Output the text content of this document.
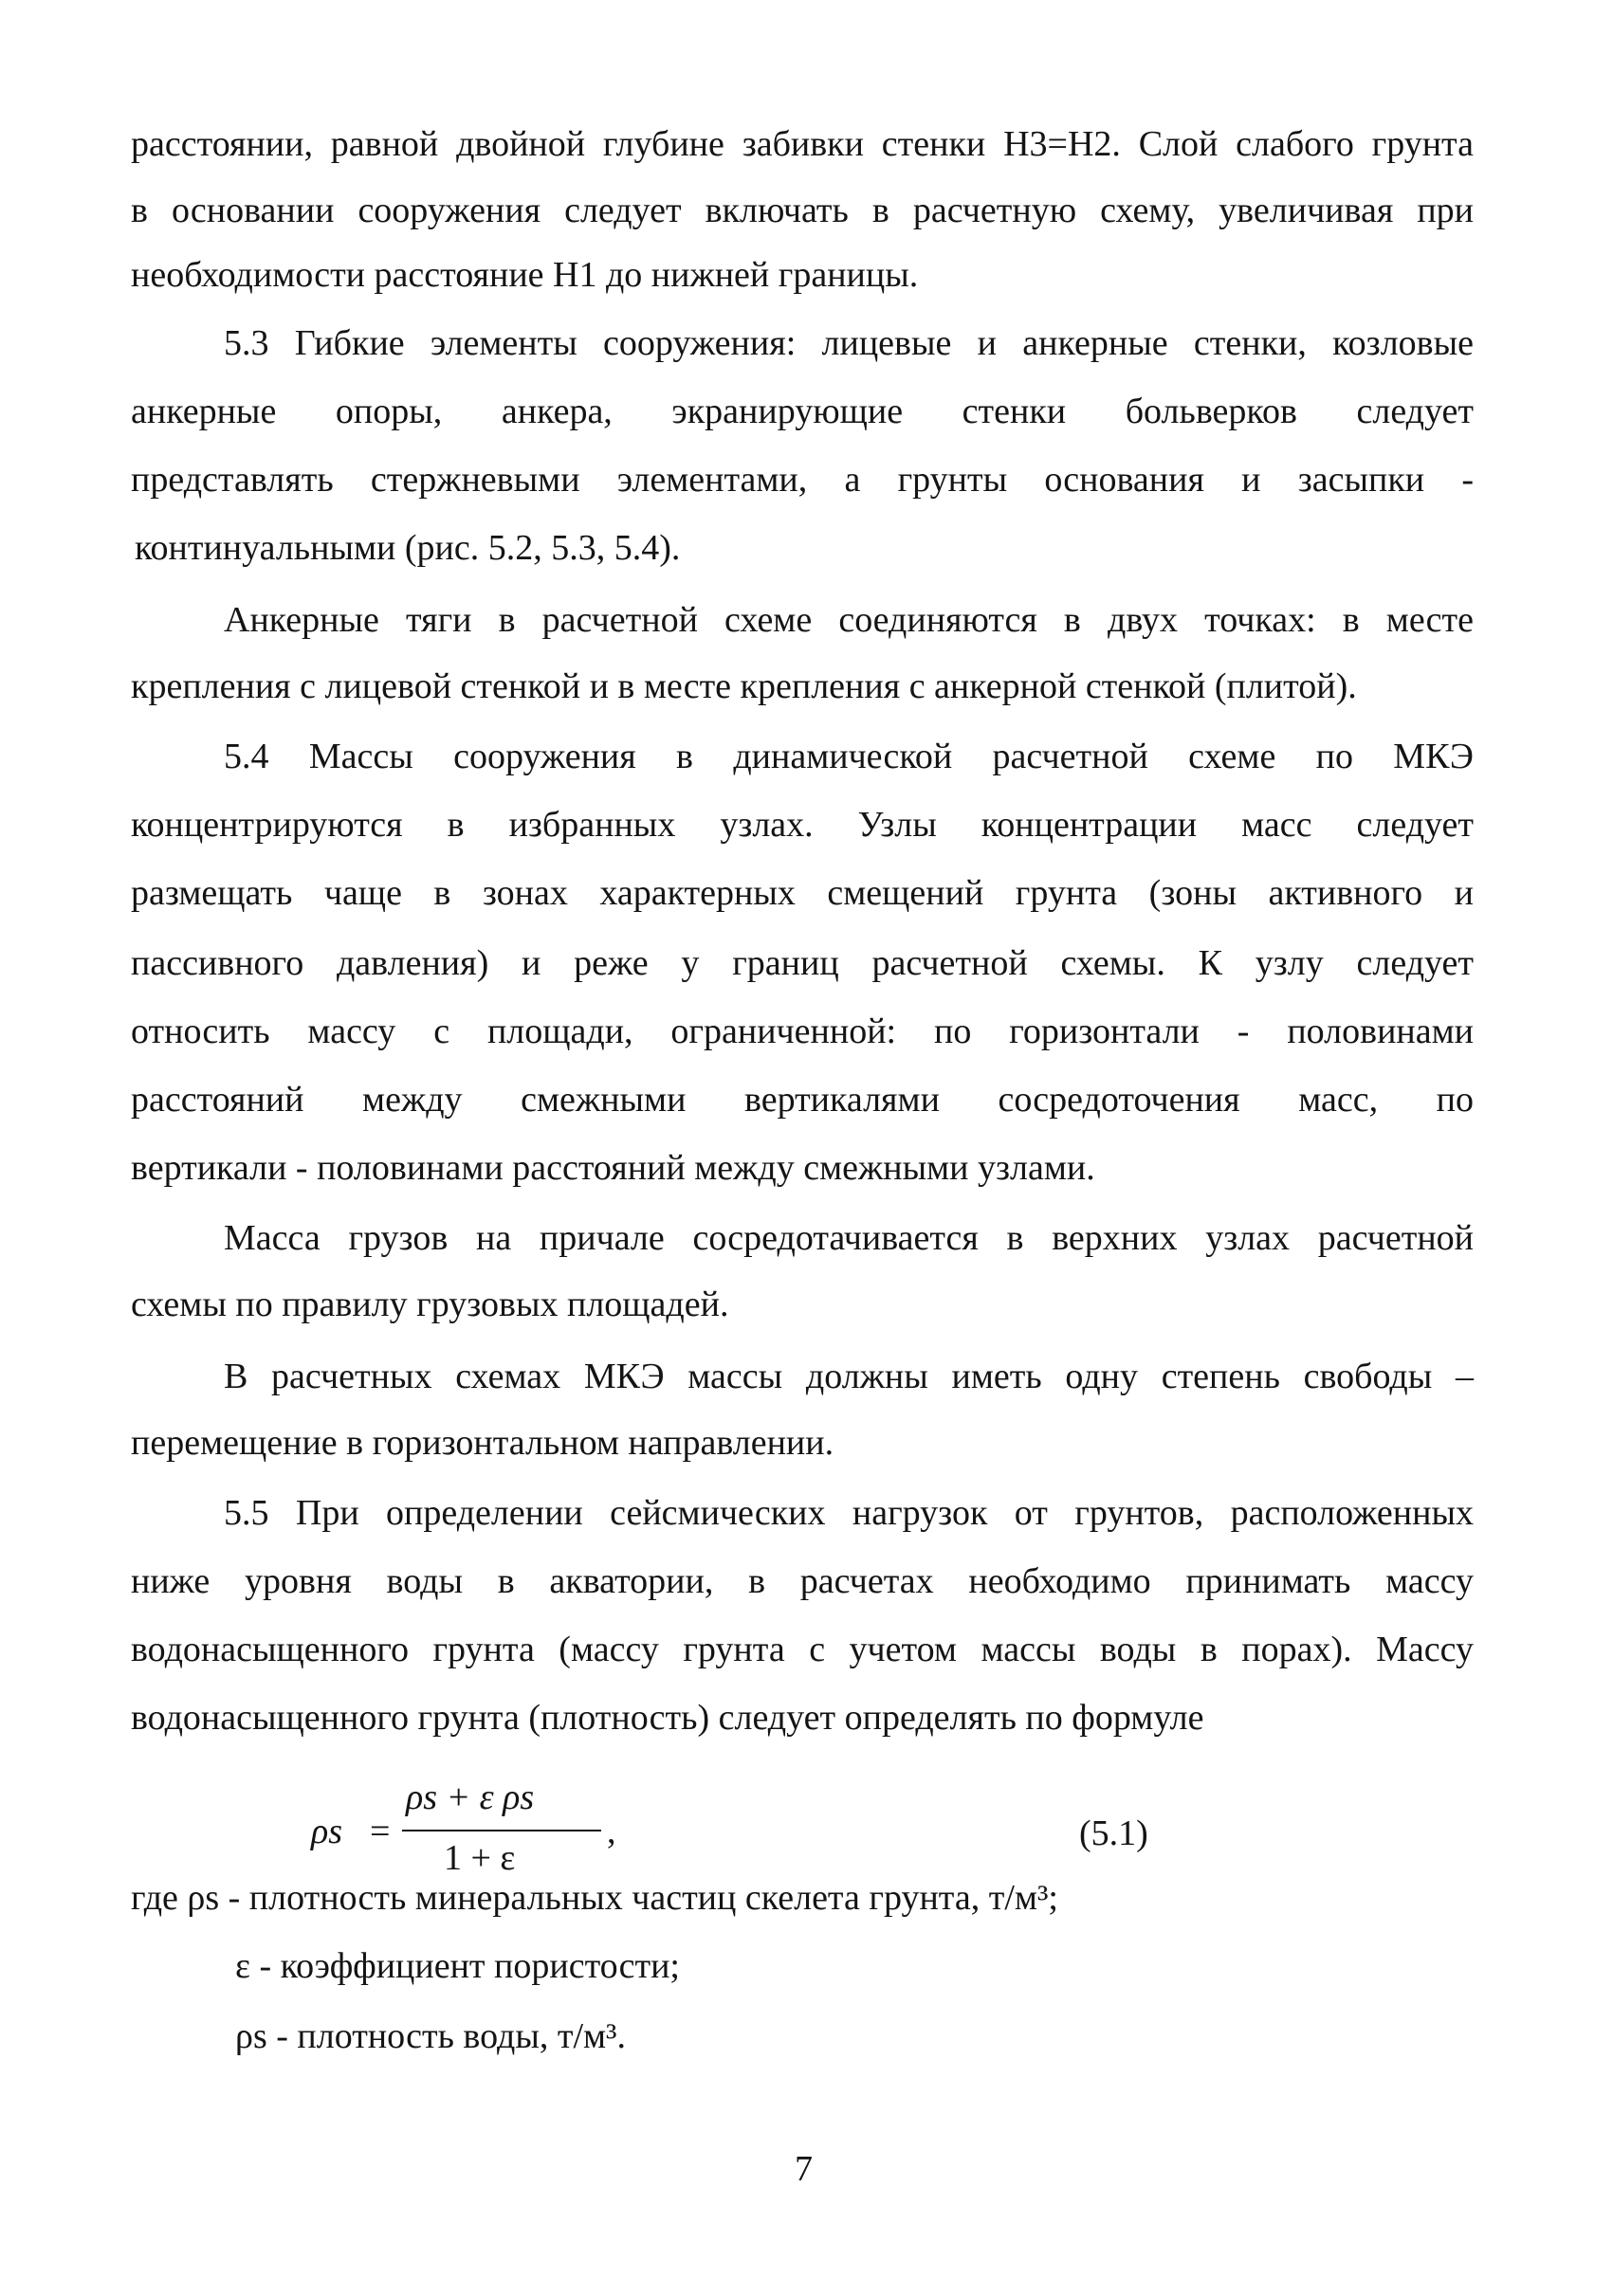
расстоянии, равной двойной глубине забивки стенки H3=H2. Слой слабого грунта
в основании сооружения следует включать в расчетную схему, увеличивая при
необходимости расстояние H1 до нижней границы.
5.3 Гибкие элементы сооружения: лицевые и анкерные стенки, козловые
анкерные опоры, анкера, экранирующие стенки больверков следует
представлять стержневыми элементами, а грунты основания и засыпки -
континуальными (рис. 5.2, 5.3, 5.4).
Анкерные тяги в расчетной схеме соединяются в двух точках: в месте
крепления с лицевой стенкой и в месте крепления с анкерной стенкой (плитой).
5.4 Массы сооружения в динамической расчетной схеме по МКЭ
концентрируются в избранных узлах. Узлы концентрации масс следует
размещать чаще в зонах характерных смещений грунта (зоны активного и
пассивного давления) и реже у границ расчетной схемы. К узлу следует
относить массу с площади, ограниченной: по горизонтали - половинами
расстояний между смежными вертикалями сосредоточения масс, по
вертикали - половинами расстояний между смежными узлами.
Масса грузов на причале сосредотачивается в верхних узлах расчетной
схемы по правилу грузовых площадей.
В расчетных схемах МКЭ массы должны иметь одну степень свободы –
перемещение в горизонтальном направлении.
5.5 При определении сейсмических нагрузок от грунтов, расположенных
ниже уровня воды в акватории, в расчетах необходимо принимать массу
водонасыщенного грунта (массу грунта с учетом массы воды в порах). Массу
водонасыщенного грунта (плотность) следует определять по формуле
ρs =
ρs + ε ρs
1 + ε
,	(5.1)
где ρs - плотность минеральных частиц скелета грунта, т/м³;
ε - коэффициент пористости;
ρs - плотность воды, т/м³.
7
